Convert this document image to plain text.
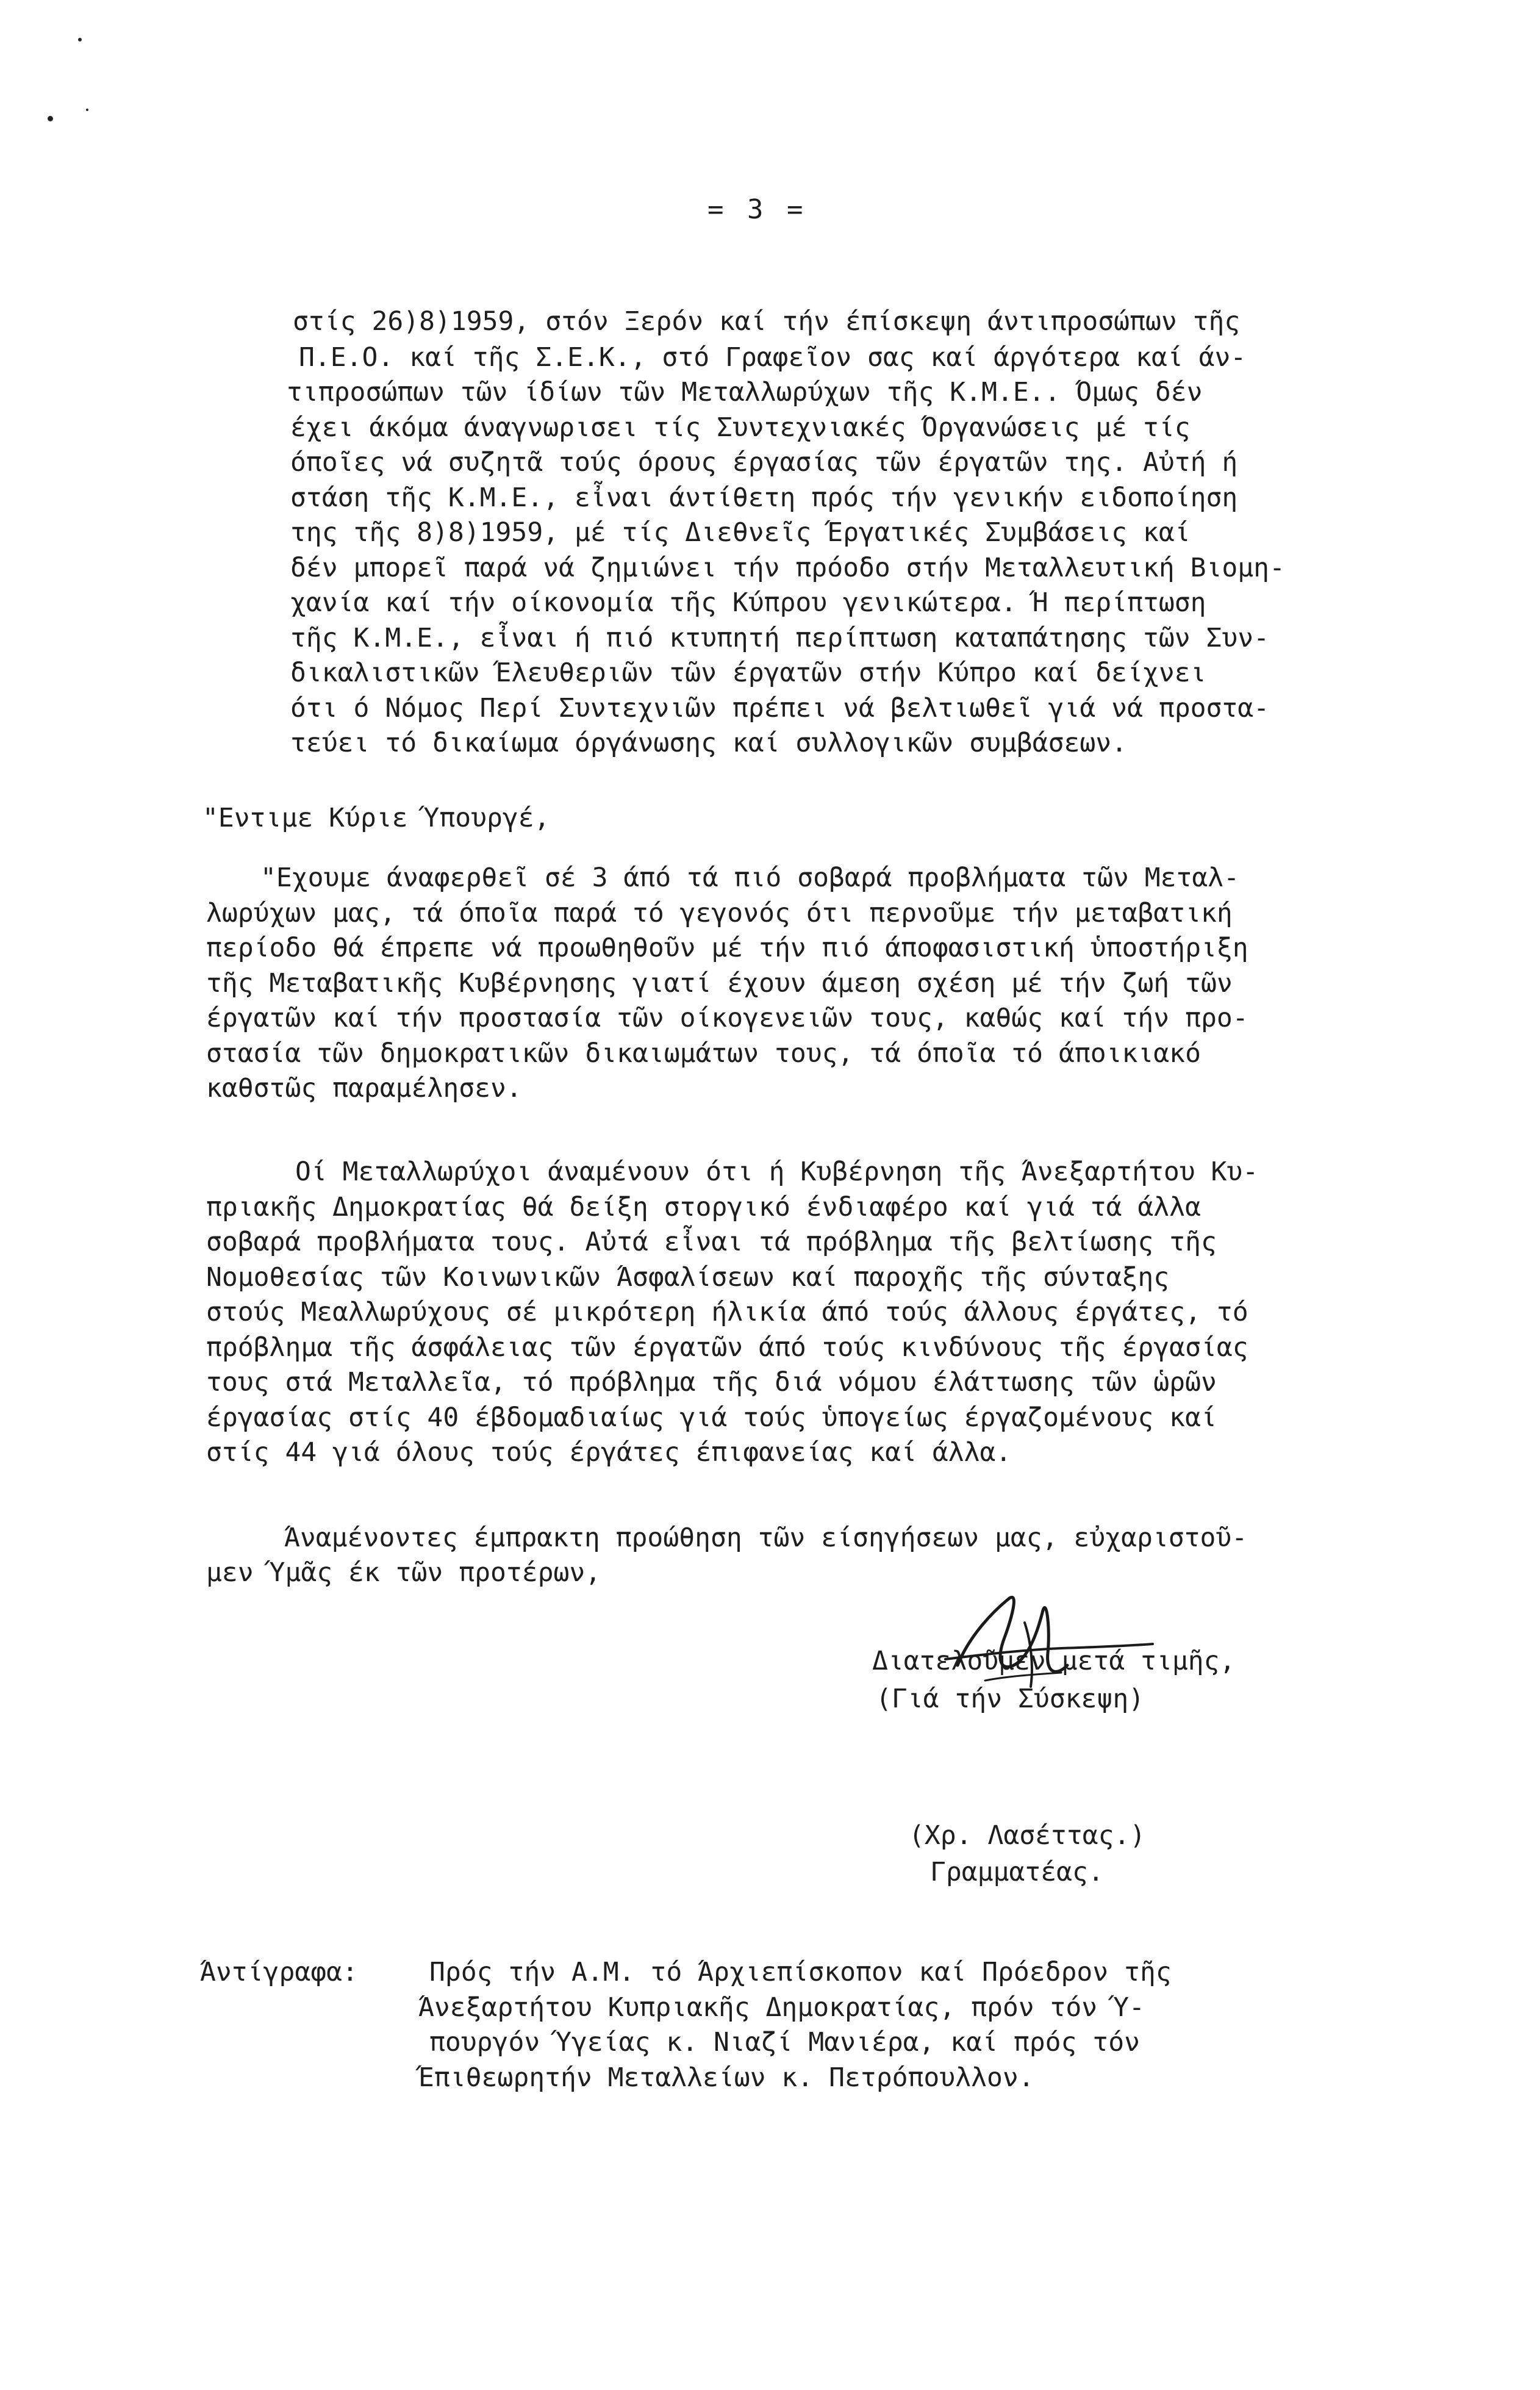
= 3 =
στίς 26)8)1959, στόν Ξερόν καί τήν έπίσκεψη άντιπροσώπων τῆς
Π.Ε.Ο. καί τῆς Σ.Ε.Κ., στό Γραφεῖον σας καί άργότερα καί άν-
τιπροσώπων τῶν ίδίων τῶν Μεταλλωρύχων τῆς Κ.Μ.Ε.. Όμως δέν
έχει άκόμα άναγνωρισει τίς Συντεχνιακές Όργανώσεις μέ τίς
όποῖες νά συζητᾶ τούς όρους έργασίας τῶν έργατῶν της. Αὐτή ή
στάση τῆς Κ.Μ.Ε., εἶναι άντίθετη πρός τήν γενικήν ειδοποίηση
της τῆς 8)8)1959, μέ τίς Διεθνεῖς Έργατικές Συμβάσεις καί
δέν μπορεῖ παρά νά ζημιώνει τήν πρόοδο στήν Μεταλλευτική Βιομη-
χανία καί τήν οίκονομία τῆς Κύπρου γενικώτερα. Ή περίπτωση
τῆς Κ.Μ.Ε., εἶναι ή πιό κτυπητή περίπτωση καταπάτησης τῶν Συν-
δικαλιστικῶν Έλευθεριῶν τῶν έργατῶν στήν Κύπρο καί δείχνει
ότι ό Νόμος Περί Συντεχνιῶν πρέπει νά βελτιωθεῖ γιά νά προστα-
τεύει τό δικαίωμα όργάνωσης καί συλλογικῶν συμβάσεων.
"Εντιμε Κύριε Ύπουργέ,
"Εχουμε άναφερθεῖ σέ 3 άπό τά πιό σοβαρά προβλήματα τῶν Μεταλ-
λωρύχων μας, τά όποῖα παρά τό γεγονός ότι περνοῦμε τήν μεταβατική
περίοδο θά έπρεπε νά προωθηθοῦν μέ τήν πιό άποφασιστική ὑποστήριξη
τῆς Μεταβατικῆς Κυβέρνησης γιατί έχουν άμεση σχέση μέ τήν ζωή τῶν
έργατῶν καί τήν προστασία τῶν οίκογενειῶν τους, καθώς καί τήν προ-
στασία τῶν δημοκρατικῶν δικαιωμάτων τους, τά όποῖα τό άποικιακό
καθστῶς παραμέλησεν.
Οί Μεταλλωρύχοι άναμένουν ότι ή Κυβέρνηση τῆς Άνεξαρτήτου Κυ-
πριακῆς Δημοκρατίας θά δείξη στοργικό ένδιαφέρο καί γιά τά άλλα
σοβαρά προβλήματα τους. Αὐτά εἶναι τά πρόβλημα τῆς βελτίωσης τῆς
Νομοθεσίας τῶν Κοινωνικῶν Άσφαλίσεων καί παροχῆς τῆς σύνταξης
στούς Μεαλλωρύχους σέ μικρότερη ήλικία άπό τούς άλλους έργάτες, τό
πρόβλημα τῆς άσφάλειας τῶν έργατῶν άπό τούς κινδύνους τῆς έργασίας
τους στά Μεταλλεῖα, τό πρόβλημα τῆς διά νόμου έλάττωσης τῶν ὡρῶν
έργασίας στίς 40 έβδομαδιαίως γιά τούς ὑπογείως έργαζομένους καί
στίς 44 γιά όλους τούς έργάτες έπιφανείας καί άλλα.
Άναμένοντες έμπρακτη προώθηση τῶν είσηγήσεων μας, εὐχαριστοῦ-
μεν Ύμᾶς έκ τῶν προτέρων,
Διατελοῦμεν μετά τιμῆς,
(Γιά τήν Σύσκεψη)
(Χρ. Λασέττας.)
Γραμματέας.
Άντίγραφα:	Πρός τήν Α.Μ. τό Άρχιεπίσκοπον καί Πρόεδρον τῆς
Άνεξαρτήτου Κυπριακῆς Δημοκρατίας, πρόν τόν Ύ-
πουργόν Ύγείας κ. Νιαζί Μανιέρα, καί πρός τόν
Έπιθεωρητήν Μεταλλείων κ. Πετρόπουλλον.
